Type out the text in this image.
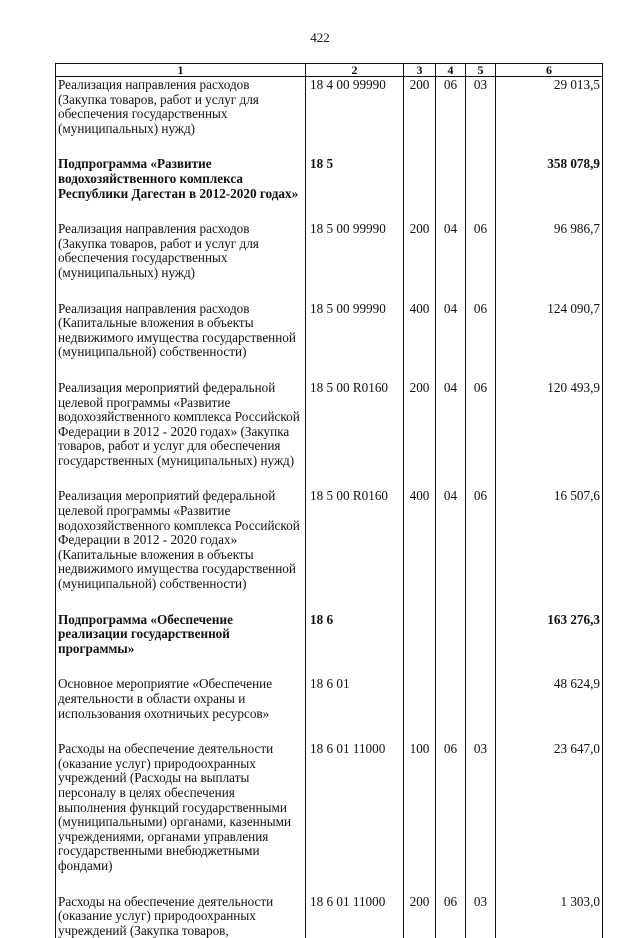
422
1	2	3	4	5	6
Реализация направления расходов (Закупка товаров, работ и услуг для обеспечения государственных (муниципальных) нужд)	18 4 00 99990	200	06	03	29 013,5

Подпрограмма «Развитие водохозяйственного комплекса Республики Дагестан в 2012-2020 годах»	18 5				358 078,9

Реализация направления расходов (Закупка товаров, работ и услуг для обеспечения государственных (муниципальных) нужд)	18 5 00 99990	200	04	06	96 986,7

Реализация направления расходов (Капитальные вложения в объекты недвижимого имущества государственной (муниципальной) собственности)	18 5 00 99990	400	04	06	124 090,7

Реализация мероприятий федеральной целевой программы «Развитие водохозяйственного комплекса Российской Федерации в 2012 - 2020 годах» (Закупка товаров, работ и услуг для обеспечения государственных (муниципальных) нужд)	18 5 00 R0160	200	04	06	120 493,9

Реализация мероприятий федеральной целевой программы «Развитие водохозяйственного комплекса Российской Федерации в 2012 - 2020 годах» (Капитальные вложения в объекты недвижимого имущества государственной (муниципальной) собственности)	18 5 00 R0160	400	04	06	16 507,6

Подпрограмма «Обеспечение реализации государственной программы»	18 6				163 276,3

Основное мероприятие «Обеспечение деятельности в области охраны и использования охотничьих ресурсов»	18 6 01				48 624,9

Расходы на обеспечение деятельности (оказание услуг) природоохранных учреждений (Расходы на выплаты персоналу в целях обеспечения выполнения функций государственными (муниципальными) органами, казенными учреждениями, органами управления государственными внебюджетными фондами)	18 6 01 11000	100	06	03	23 647,0

Расходы на обеспечение деятельности (оказание услуг) природоохранных учреждений (Закупка товаров,	18 6 01 11000	200	06	03	1 303,0
